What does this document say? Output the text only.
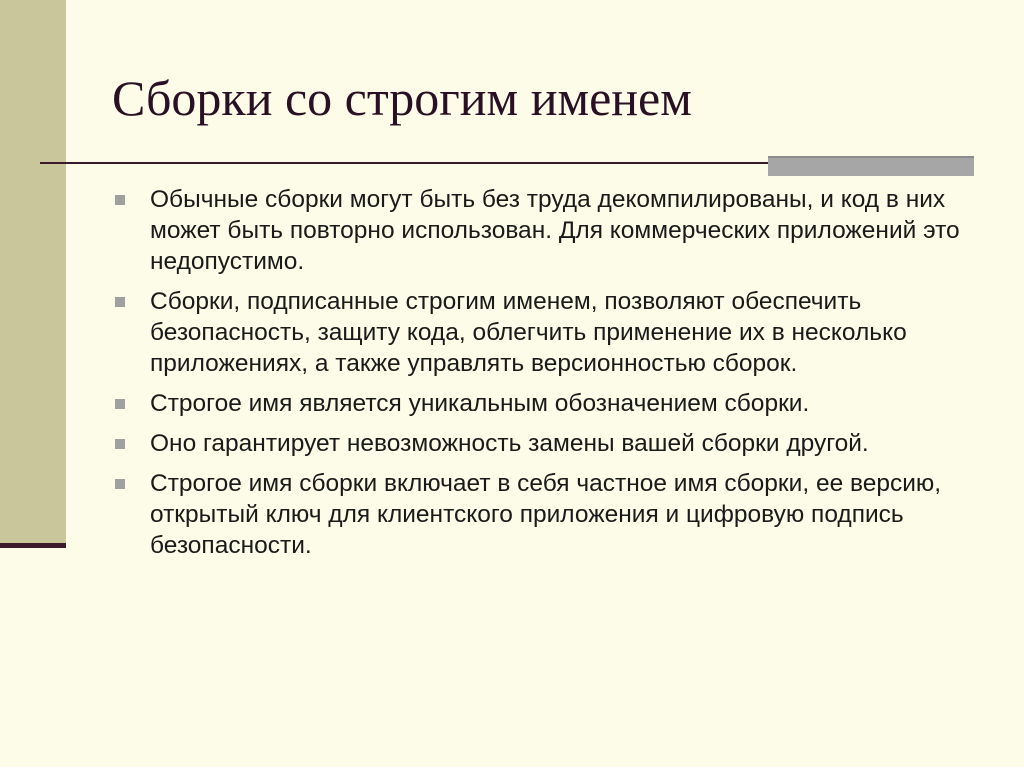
Сборки со строгим именем
Обычные сборки могут быть без труда декомпилированы, и код в них может быть повторно использован. Для коммерческих приложений это недопустимо.
Сборки, подписанные строгим именем, позволяют обеспечить безопасность, защиту кода, облегчить применение их в несколько приложениях, а также управлять версионностью сборок.
Строгое имя является уникальным обозначением сборки.
Оно гарантирует невозможность замены вашей сборки другой.
Строгое имя сборки включает в себя частное имя сборки, ее версию, открытый ключ для клиентского приложения и цифровую подпись безопасности.
